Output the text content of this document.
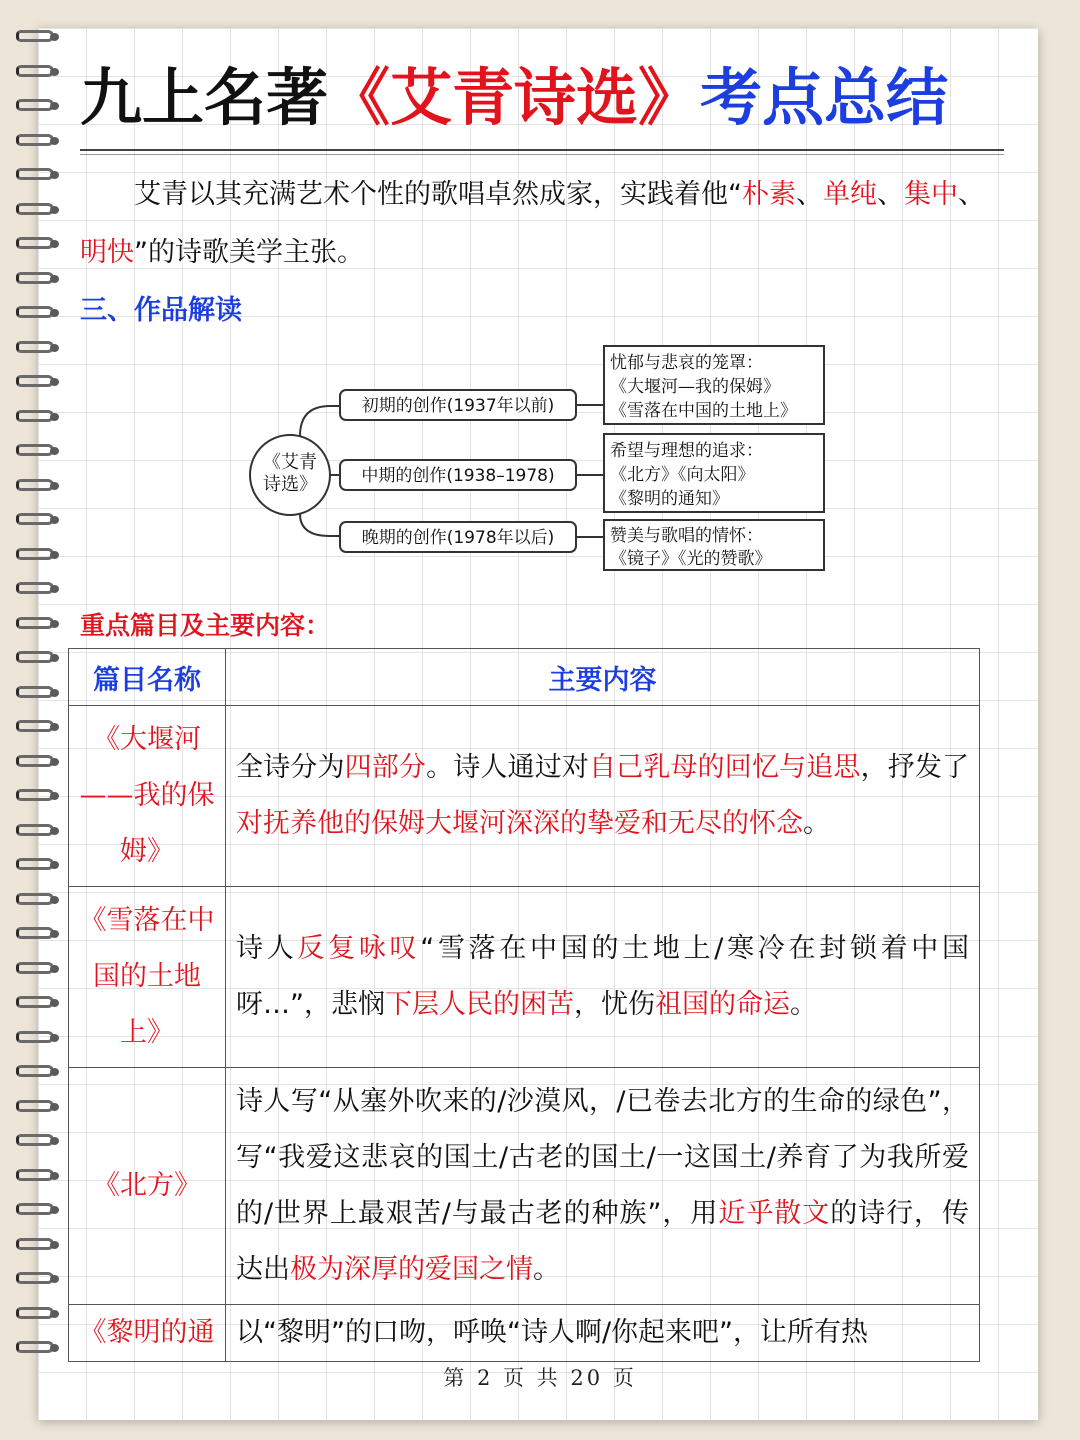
九上名著《艾青诗选》考点总结
艾青以其充满艺术个性的歌唱卓然成家，实践着他“朴素、单纯、集中、明快”的诗歌美学主张。
三、作品解读
《艾青
诗选》
初期的创作(1937年以前)
中期的创作(1938–1978)
晚期的创作(1978年以后)
忧郁与悲哀的笼罩：
《大堰河—我的保姆》
《雪落在中国的土地上》
希望与理想的追求：
《北方》《向太阳》
《黎明的通知》
赞美与歌唱的情怀：
《镜子》《光的赞歌》
重点篇目及主要内容：
篇目名称	主要内容
《大堰河——我的保姆》	全诗分为四部分。诗人通过对自己乳母的回忆与追思，抒发了对抚养他的保姆大堰河深深的挚爱和无尽的怀念。
《雪落在中国的土地上》	诗人反复咏叹“雪落在中国的土地上/寒冷在封锁着中国呀…”，悲悯下层人民的困苦，忧伤祖国的命运。
《北方》	诗人写“从塞外吹来的/沙漠风，/已卷去北方的生命的绿色”，写“我爱这悲哀的国土/古老的国土/一这国土/养育了为我所爱的/世界上最艰苦/与最古老的种族”，用近乎散文的诗行，传达出极为深厚的爱国之情。
《黎明的通	以“黎明”的口吻，呼唤“诗人啊/你起来吧”，让所有热
第 2 页 共 20 页
